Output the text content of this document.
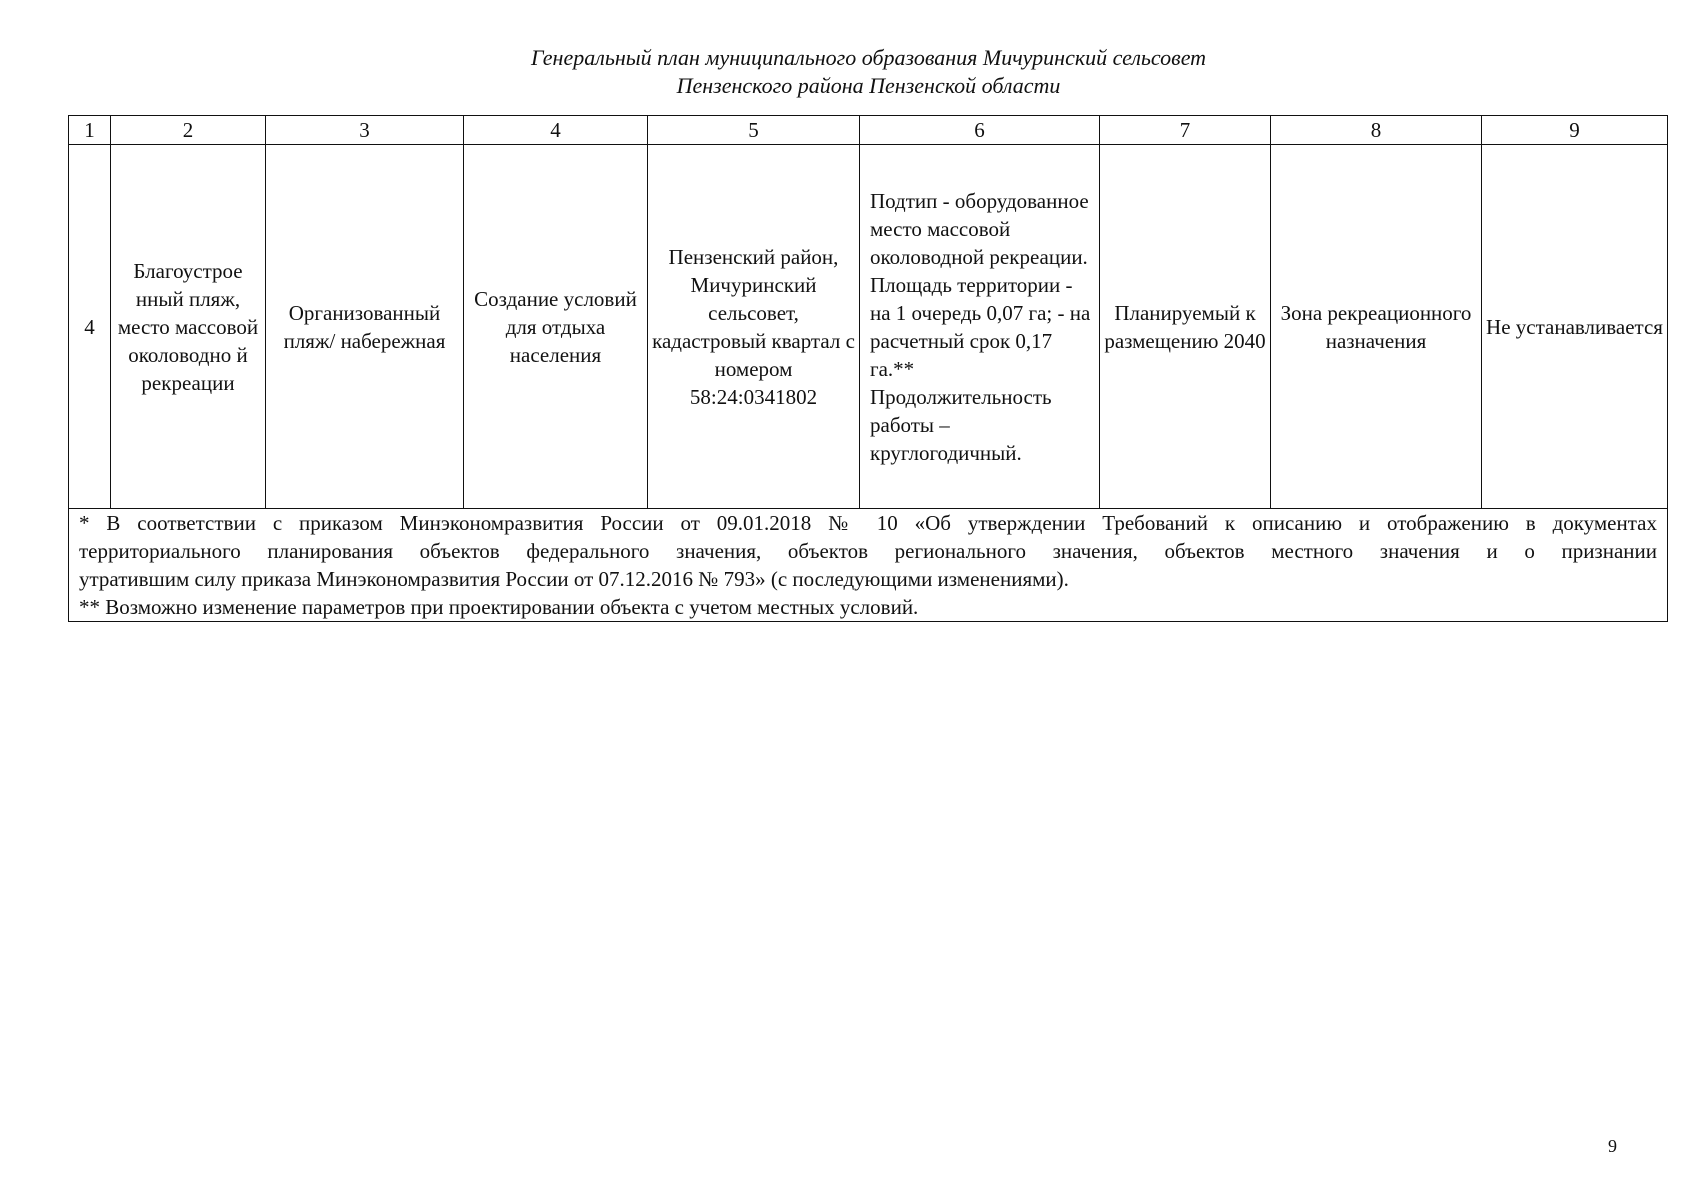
Генеральный план муниципального образования Мичуринский сельсовет
Пензенского района Пензенской области
1	2	3	4	5	6	7	8	9
4	Благоустрое нный пляж, место массовой околоводно й рекреации	Организованный пляж/ набережная	Создание условий для отдыха населения	Пензенский район, Мичуринский сельсовет, кадастровый квартал с номером 58:24:0341802	Подтип - оборудованное место массовой околоводной рекреации. Площадь территории - на 1 очередь 0,07 га; - на расчетный срок 0,17 га.** Продолжительность работы – круглогодичный.	Планируемый к размещению 2040	Зона рекреационного назначения	Не устанавливается

* В соответствии с приказом Минэкономразвития России от 09.01.2018 № 10 «Об утверждении Требований к описанию и отображению в документах
территориального планирования объектов федерального значения, объектов регионального значения, объектов местного значения и о признании
утратившим силу приказа Минэкономразвития России от 07.12.2016 № 793» (с последующими изменениями).
** Возможно изменение параметров при проектировании объекта с учетом местных условий.								
9
